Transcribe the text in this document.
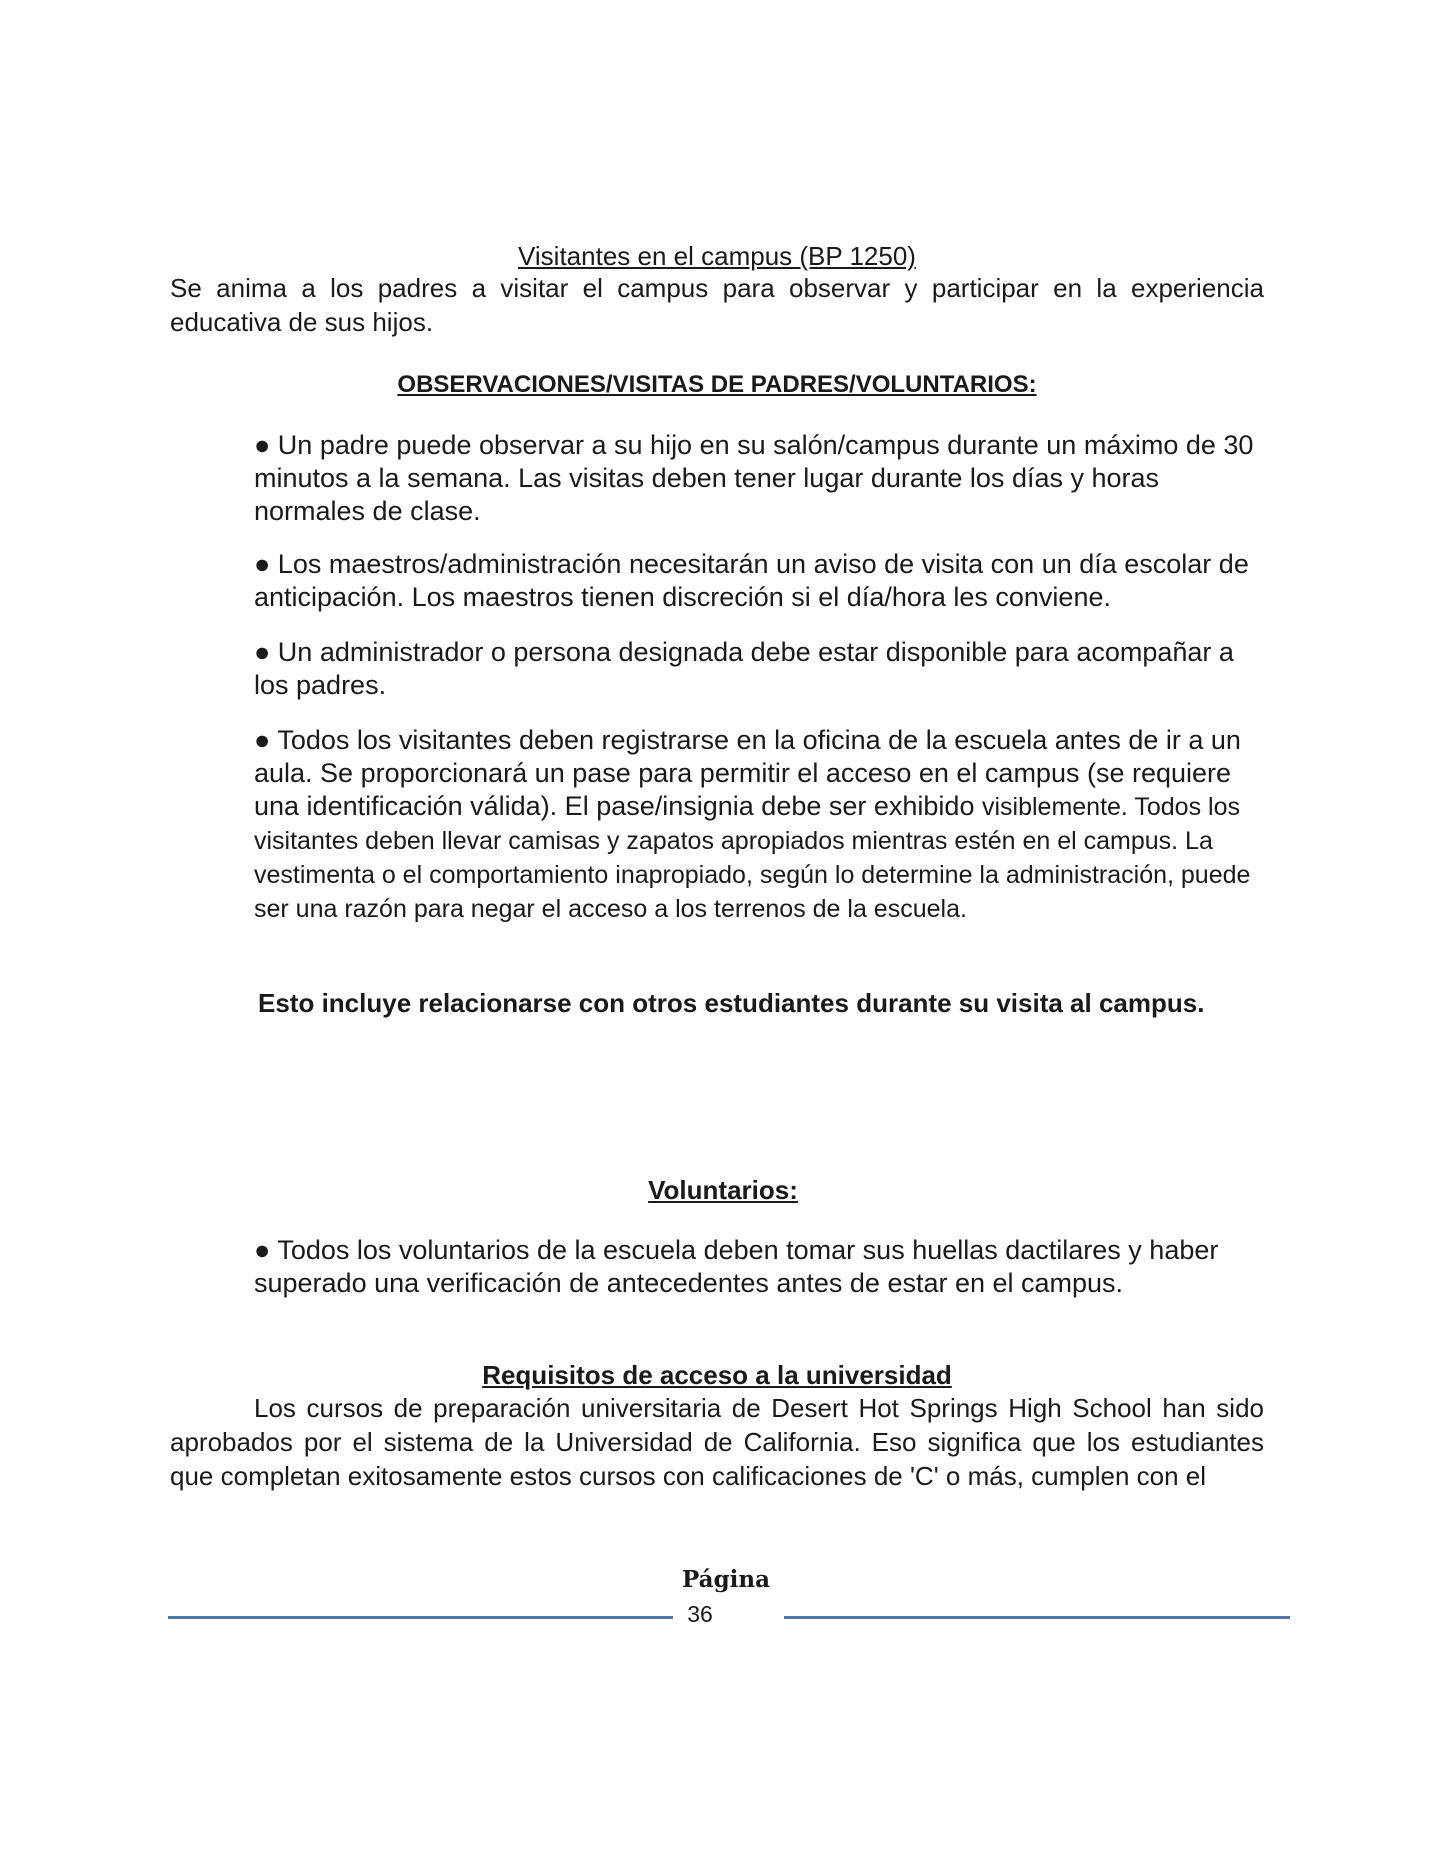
Visitantes en el campus (BP 1250)
Se anima a los padres a visitar el campus para observar y participar en la experiencia educativa de sus hijos.
OBSERVACIONES/VISITAS DE PADRES/VOLUNTARIOS:
● Un padre puede observar a su hijo en su salón/campus durante un máximo de 30 minutos a la semana. Las visitas deben tener lugar durante los días y horas normales de clase.
● Los maestros/administración necesitarán un aviso de visita con un día escolar de anticipación. Los maestros tienen discreción si el día/hora les conviene.
● Un administrador o persona designada debe estar disponible para acompañar a los padres.
● Todos los visitantes deben registrarse en la oficina de la escuela antes de ir a un aula. Se proporcionará un pase para permitir el acceso en el campus (se requiere una identificación válida). El pase/insignia debe ser exhibido visiblemente. Todos los visitantes deben llevar camisas y zapatos apropiados mientras estén en el campus. La vestimenta o el comportamiento inapropiado, según lo determine la administración, puede ser una razón para negar el acceso a los terrenos de la escuela.
Esto incluye relacionarse con otros estudiantes durante su visita al campus.
Voluntarios:
● Todos los voluntarios de la escuela deben tomar sus huellas dactilares y haber superado una verificación de antecedentes antes de estar en el campus.
Requisitos de acceso a la universidad
Los cursos de preparación universitaria de Desert Hot Springs High School han sido aprobados por el sistema de la Universidad de California. Eso significa que los estudiantes que completan exitosamente estos cursos con calificaciones de 'C' o más, cumplen con el
Página
36
